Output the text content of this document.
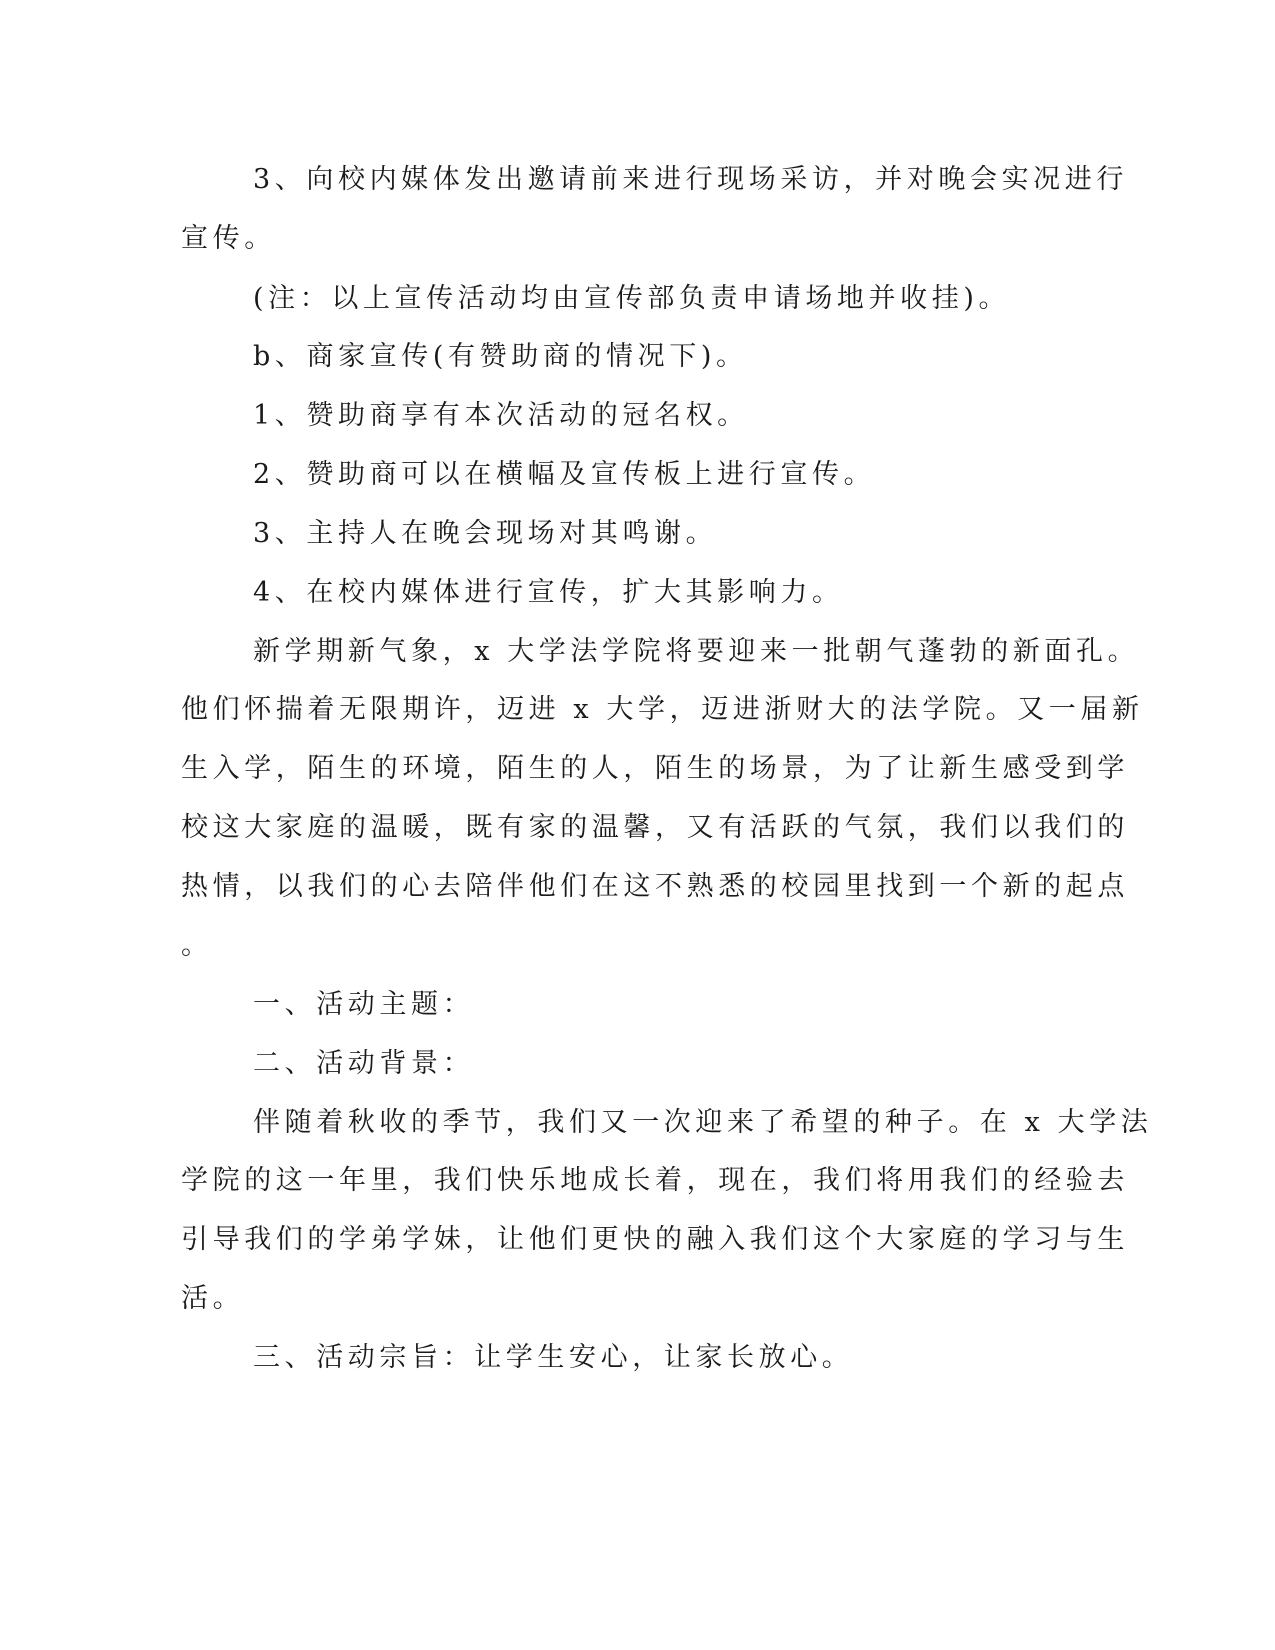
3、向校内媒体发出邀请前来进行现场采访，并对晚会实况进行
宣传。
(注：以上宣传活动均由宣传部负责申请场地并收挂)。
b、商家宣传(有赞助商的情况下)。
1、赞助商享有本次活动的冠名权。
2、赞助商可以在横幅及宣传板上进行宣传。
3、主持人在晚会现场对其鸣谢。
4、在校内媒体进行宣传，扩大其影响力。
新学期新气象，x 大学法学院将要迎来一批朝气蓬勃的新面孔。
他们怀揣着无限期许，迈进 x 大学，迈进浙财大的法学院。又一届新
生入学，陌生的环境，陌生的人，陌生的场景，为了让新生感受到学
校这大家庭的温暖，既有家的温馨，又有活跃的气氛，我们以我们的
热情，以我们的心去陪伴他们在这不熟悉的校园里找到一个新的起点
。
一、活动主题：
二、活动背景：
伴随着秋收的季节，我们又一次迎来了希望的种子。在 x 大学法
学院的这一年里，我们快乐地成长着，现在，我们将用我们的经验去
引导我们的学弟学妹，让他们更快的融入我们这个大家庭的学习与生
活。
三、活动宗旨：让学生安心，让家长放心。
